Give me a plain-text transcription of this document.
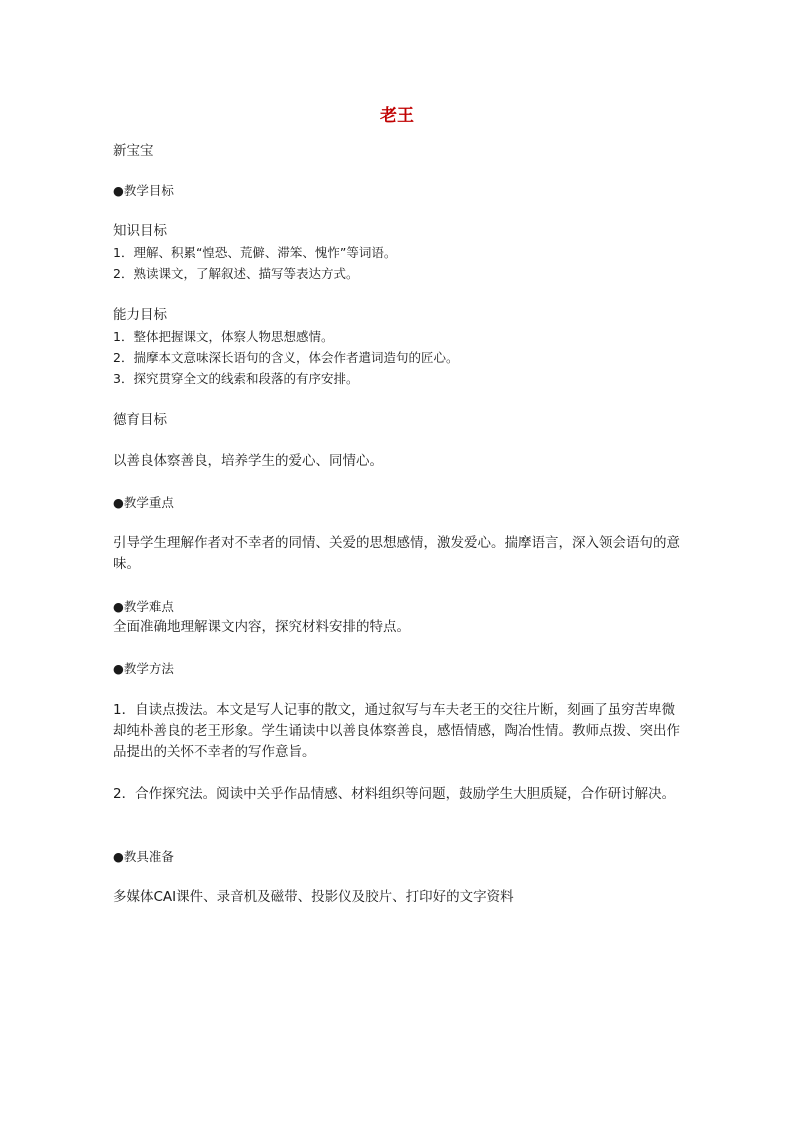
老王
新宝宝
●教学目标
知识目标
1．理解、积累“惶恐、荒僻、滞笨、愧怍”等词语。
2．熟读课文，了解叙述、描写等表达方式。
能力目标
1．整体把握课文，体察人物思想感情。
2．揣摩本文意味深长语句的含义，体会作者遣词造句的匠心。
3．探究贯穿全文的线索和段落的有序安排。
德育目标
以善良体察善良，培养学生的爱心、同情心。
●教学重点
引导学生理解作者对不幸者的同情、关爱的思想感情，激发爱心。揣摩语言，深入领会语句的意味。
●教学难点
全面准确地理解课文内容，探究材料安排的特点。
●教学方法
1．自读点拨法。本文是写人记事的散文，通过叙写与车夫老王的交往片断，刻画了虽穷苦卑微却纯朴善良的老王形象。学生诵读中以善良体察善良，感悟情感，陶冶性情。教师点拨、突出作品提出的关怀不幸者的写作意旨。
2．合作探究法。阅读中关乎作品情感、材料组织等问题，鼓励学生大胆质疑，合作研讨解决。
●教具准备
多媒体CAI课件、录音机及磁带、投影仪及胶片、打印好的文字资料
